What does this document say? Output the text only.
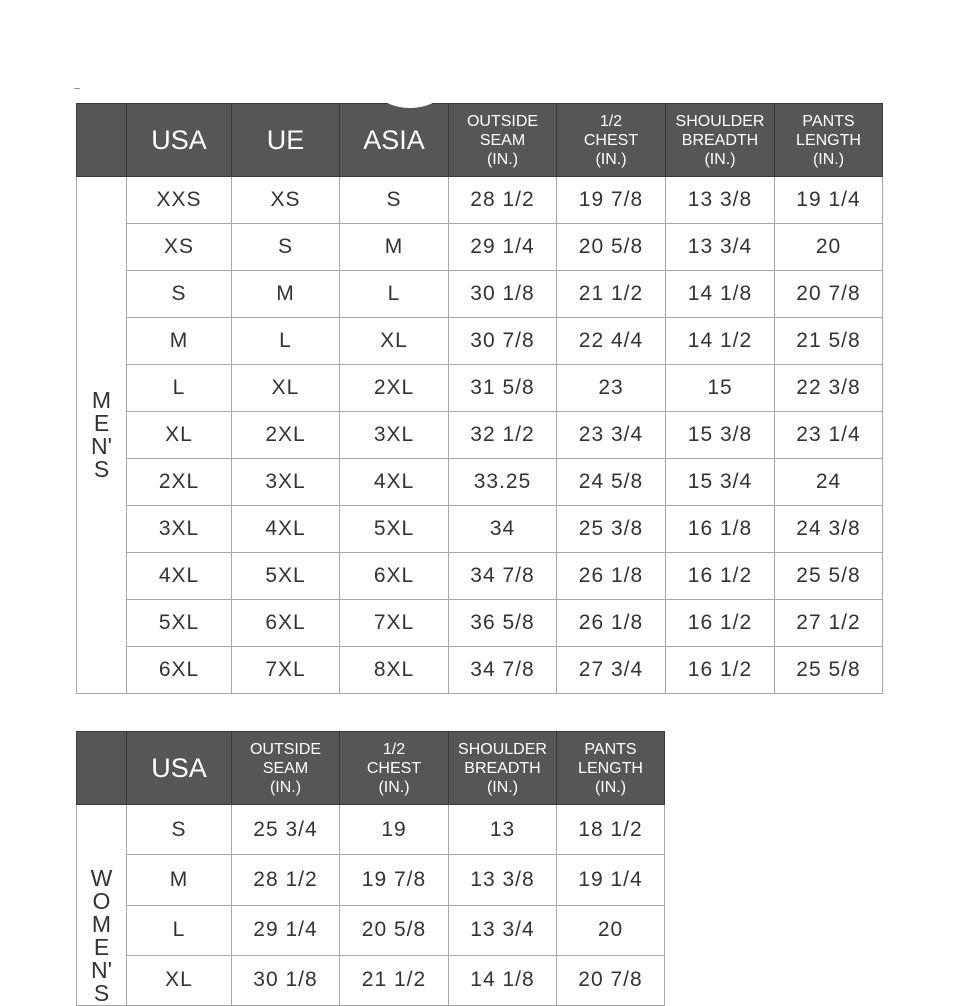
	USA	UE	ASIA	OUTSIDE
SEAM
(IN.)	1/2
CHEST
(IN.)	SHOULDER
BREADTH
(IN.)	PANTS
LENGTH
(IN.)

MEN'S	XXS	XS	S	28 1/2	19 7/8	13 3/8	19 1/4
	XS	S	M	29 1/4	20 5/8	13 3/4	20
	S	M	L	30 1/8	21 1/2	14 1/8	20 7/8
	M	L	XL	30 7/8	22 4/4	14 1/2	21 5/8
	L	XL	2XL	31 5/8	23	15	22 3/8
	XL	2XL	3XL	32 1/2	23 3/4	15 3/8	23 1/4
	2XL	3XL	4XL	33.25	24 5/8	15 3/4	24
	3XL	4XL	5XL	34	25 3/8	16 1/8	24 3/8
	4XL	5XL	6XL	34 7/8	26 1/8	16 1/2	25 5/8
	5XL	6XL	7XL	36 5/8	26 1/8	16 1/2	27 1/2
	6XL	7XL	8XL	34 7/8	27 3/4	16 1/2	25 5/8
	USA	OUTSIDE
SEAM
(IN.)	1/2
CHEST
(IN.)	SHOULDER
BREADTH
(IN.)	PANTS
LENGTH
(IN.)

WOMEN'S	S	25 3/4	19	13	18 1/2
	M	28 1/2	19 7/8	13 3/8	19 1/4
	L	29 1/4	20 5/8	13 3/4	20
	XL	30 1/8	21 1/2	14 1/8	20 7/8
